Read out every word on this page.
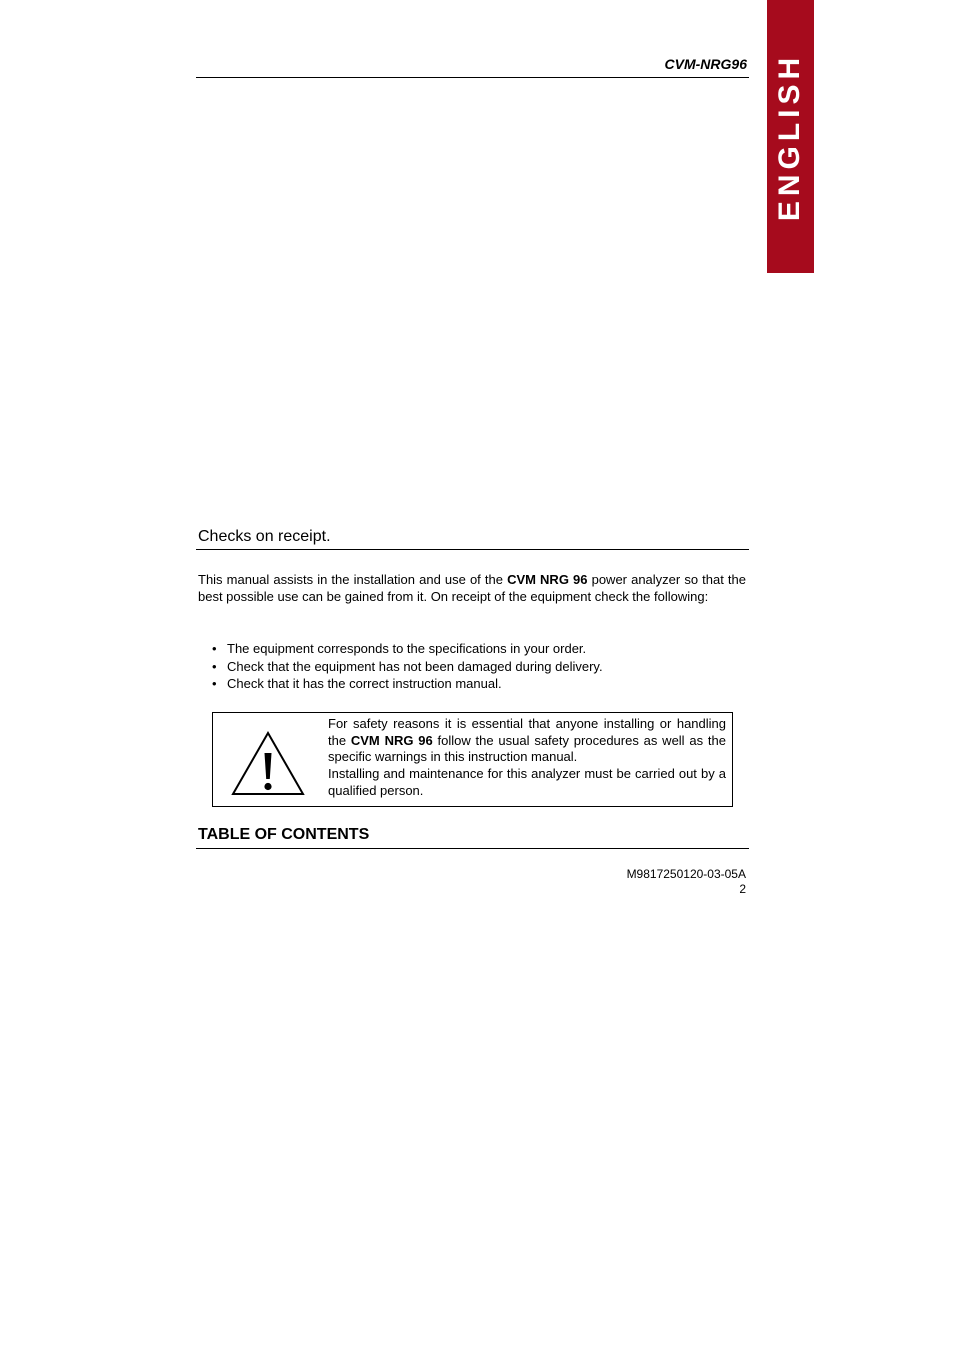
ENGLISH
CVM-NRG96
Checks on receipt.
This manual assists in the installation and use of the CVM NRG 96 power analyzer so that the best possible use can be gained from it. On receipt of the equipment check the following:
• The equipment corresponds to the specifications in your order.
• Check that the equipment has not been damaged during delivery.
• Check that it has the correct instruction manual.
For safety reasons it is essential that anyone installing or handling the CVM NRG 96 follow the usual safety procedures as well as the specific warnings in this instruction manual.
Installing and maintenance for this analyzer must be carried out by a qualified person.
TABLE OF CONTENTS
M9817250120-03-05A
2
